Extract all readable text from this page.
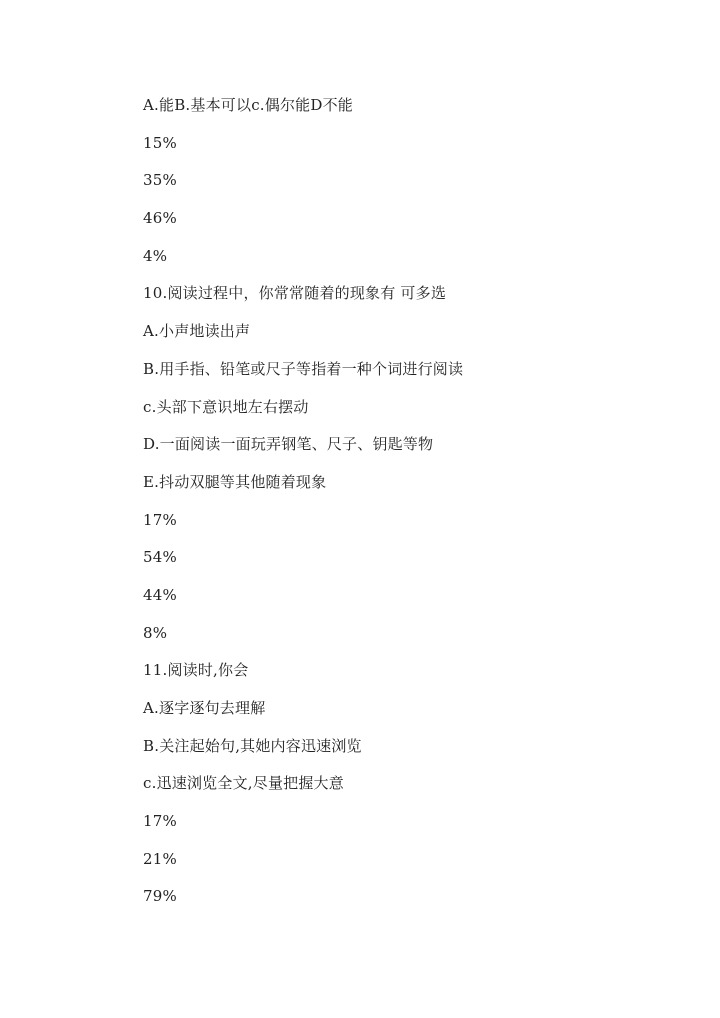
A.能B.基本可以c.偶尔能D不能
15%
35%
46%
4%
10.阅读过程中，你常常随着的现象有 可多选
A.小声地读出声
B.用手指、铅笔或尺子等指着一种个词进行阅读
c.头部下意识地左右摆动
D.一面阅读一面玩弄钢笔、尺子、钥匙等物
E.抖动双腿等其他随着现象
17%
54%
44%
8%
11.阅读时,你会
A.逐字逐句去理解
B.关注起始句,其她内容迅速浏览
c.迅速浏览全文,尽量把握大意
17%
21%
79%
